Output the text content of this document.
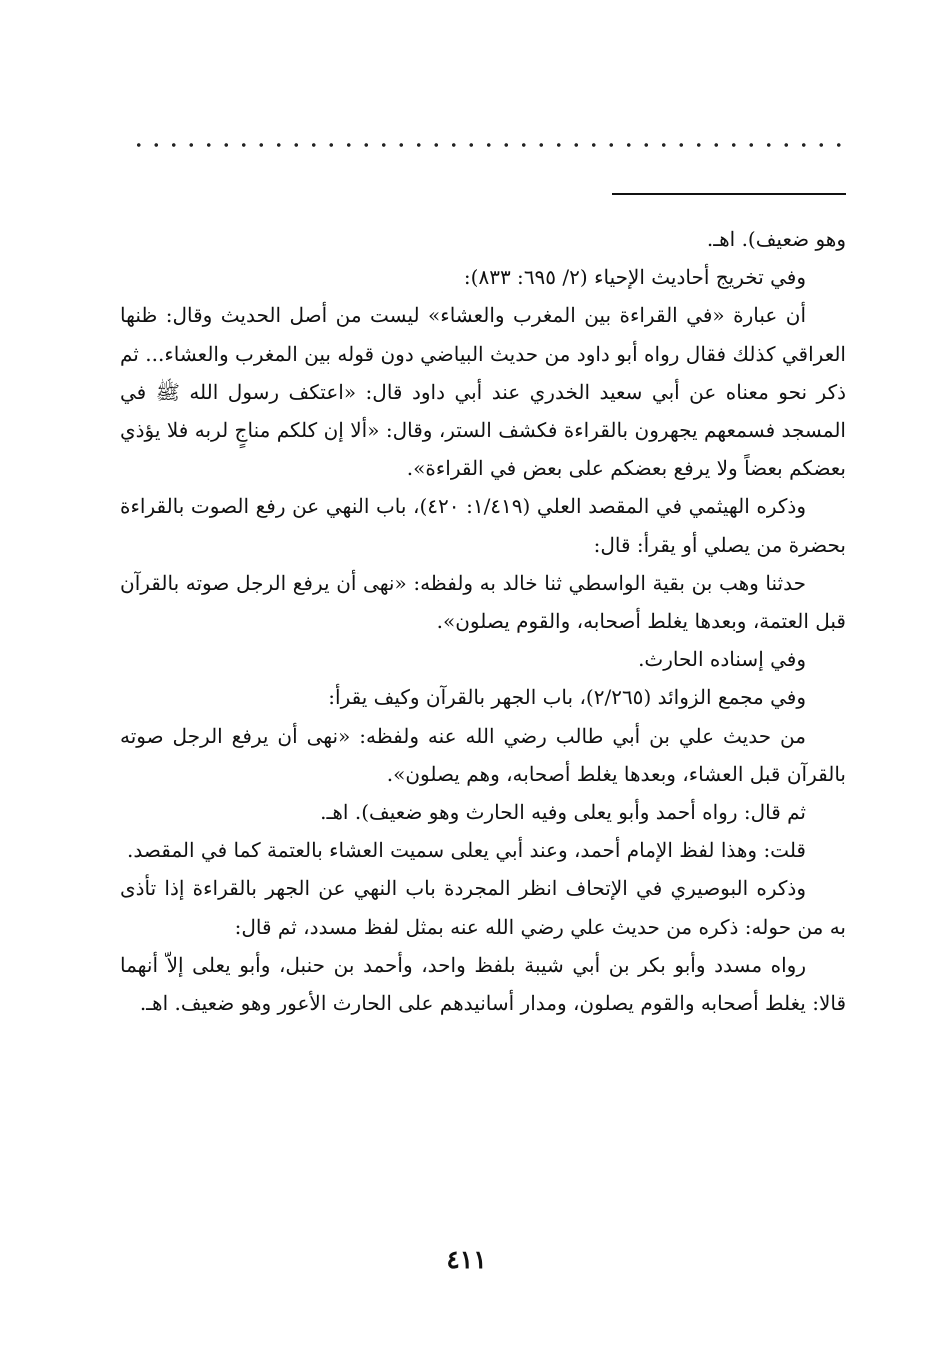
وهو ضعيف). اهـ.

وفي تخريج أحاديث الإحياء (٢/ ٦٩٥: ٨٣٣):

أن عبارة «في القراءة بين المغرب والعشاء» ليست من أصل الحديث وقال: ظنها العراقي كذلك فقال رواه أبو داود من حديث البياضي دون قوله بين المغرب والعشاء... ثم ذكر نحو معناه عن أبي سعيد الخدري عند أبي داود قال: «اعتكف رسول الله ﷺ في المسجد فسمعهم يجهرون بالقراءة فكشف الستر، وقال: «ألا إن كلكم مناجٍ لربه فلا يؤذي بعضكم بعضاً ولا يرفع بعضكم على بعض في القراءة».

وذكره الهيثمي في المقصد العلي (١/٤١٩: ٤٢٠)، باب النهي عن رفع الصوت بالقراءة بحضرة من يصلي أو يقرأ: قال:

حدثنا وهب بن بقية الواسطي ثنا خالد به ولفظه: «نهى أن يرفع الرجل صوته بالقرآن قبل العتمة، وبعدها يغلط أصحابه، والقوم يصلون».

وفي إسناده الحارث.

وفي مجمع الزوائد (٢/٢٦٥)، باب الجهر بالقرآن وكيف يقرأ:

من حديث علي بن أبي طالب رضي الله عنه ولفظه: «نهى أن يرفع الرجل صوته بالقرآن قبل العشاء، وبعدها يغلط أصحابه، وهم يصلون».

ثم قال: رواه أحمد وأبو يعلى وفيه الحارث وهو ضعيف). اهـ.

قلت: وهذا لفظ الإمام أحمد، وعند أبي يعلى سميت العشاء بالعتمة كما في المقصد.

وذكره البوصيري في الإتحاف انظر المجردة باب النهي عن الجهر بالقراءة إذا تأذى به من حوله: ذكره من حديث علي رضي الله عنه بمثل لفظ مسدد، ثم قال:

رواه مسدد وأبو بكر بن أبي شيبة بلفظ واحد، وأحمد بن حنبل، وأبو يعلى إلاّ أنهما قالا: يغلط أصحابه والقوم يصلون، ومدار أسانيدهم على الحارث الأعور وهو ضعيف. اهـ.

٤١١
